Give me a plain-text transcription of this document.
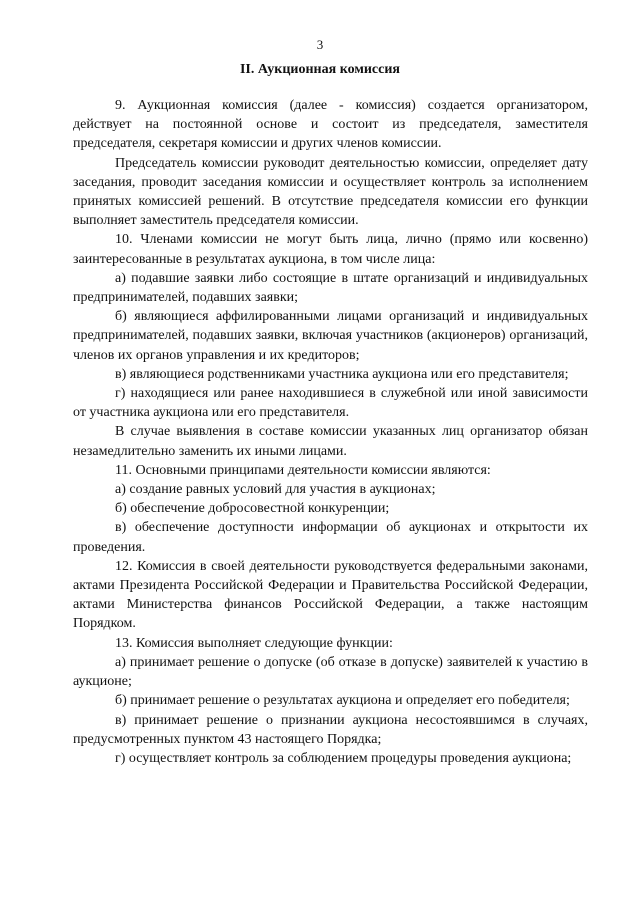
3
II. Аукционная комиссия

9. Аукционная комиссия (далее - комиссия) создается организатором, действует на постоянной основе и состоит из председателя, заместителя председателя, секретаря комиссии и других членов комиссии.

Председатель комиссии руководит деятельностью комиссии, определяет дату заседания, проводит заседания комиссии и осуществляет контроль за исполнением принятых комиссией решений. В отсутствие председателя комиссии его функции выполняет заместитель председателя комиссии.

10. Членами комиссии не могут быть лица, лично (прямо или косвенно) заинтересованные в результатах аукциона, в том числе лица:

а) подавшие заявки либо состоящие в штате организаций и индивидуальных предпринимателей, подавших заявки;

б) являющиеся аффилированными лицами организаций и индивидуальных предпринимателей, подавших заявки, включая участников (акционеров) организаций, членов их органов управления и их кредиторов;

в) являющиеся родственниками участника аукциона или его представителя;

г) находящиеся или ранее находившиеся в служебной или иной зависимости от участника аукциона или его представителя.

В случае выявления в составе комиссии указанных лиц организатор обязан незамедлительно заменить их иными лицами.

11. Основными принципами деятельности комиссии являются:

а) создание равных условий для участия в аукционах;

б) обеспечение добросовестной конкуренции;

в) обеспечение доступности информации об аукционах и открытости их проведения.

12. Комиссия в своей деятельности руководствуется федеральными законами, актами Президента Российской Федерации и Правительства Российской Федерации, актами Министерства финансов Российской Федерации, а также настоящим Порядком.

13. Комиссия выполняет следующие функции:

а) принимает решение о допуске (об отказе в допуске) заявителей к участию в аукционе;

б) принимает решение о результатах аукциона и определяет его победителя;

в) принимает решение о признании аукциона несостоявшимся в случаях, предусмотренных пунктом 43 настоящего Порядка;

г) осуществляет контроль за соблюдением процедуры проведения аукциона;
